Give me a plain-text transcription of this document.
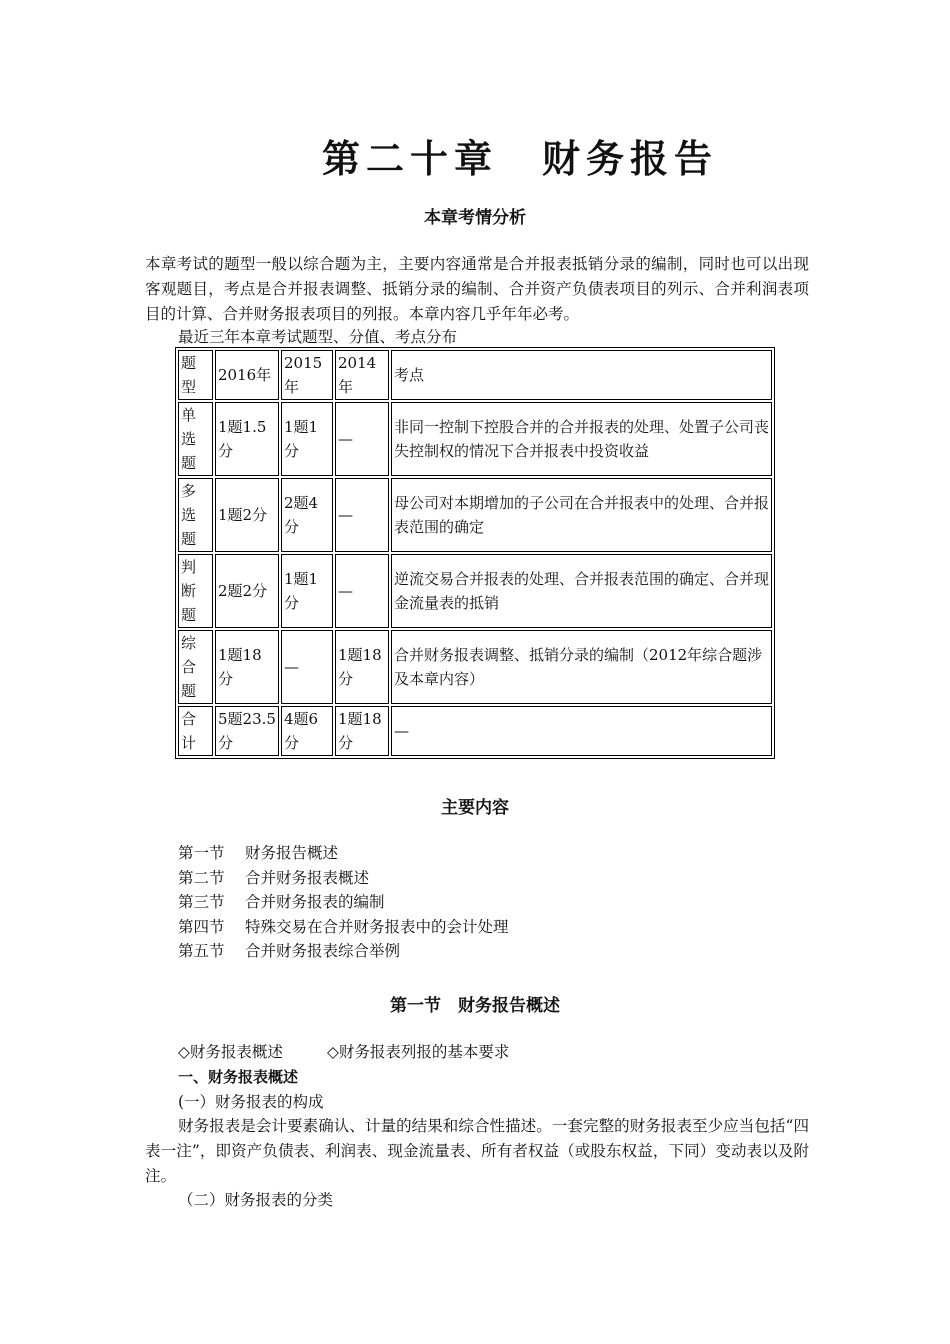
第二十章　财务报告
本章考情分析
本章考试的题型一般以综合题为主，主要内容通常是合并报表抵销分录的编制，同时也可以出现客观题目，考点是合并报表调整、抵销分录的编制、合并资产负债表项目的列示、合并利润表项目的计算、合并财务报表项目的列报。本章内容几乎年年必考。
最近三年本章考试题型、分值、考点分布
题型	2016年	2015年	2014年	考点
单选题	1题1.5分	1题1分	—	非同一控制下控股合并的合并报表的处理、处置子公司丧失控制权的情况下合并报表中投资收益
多选题	1题2分	2题4分	—	母公司对本期增加的子公司在合并报表中的处理、合并报表范围的确定
判断题	2题2分	1题1分	—	逆流交易合并报表的处理、合并报表范围的确定、合并现金流量表的抵销
综合题	1题18分	—	1题18分	合并财务报表调整、抵销分录的编制（2012年综合题涉及本章内容）
合计	5题23.5分	4题6分	1题18分	—
主要内容
第一节 财务报告概述
第二节 合并财务报表概述
第三节 合并财务报表的编制
第四节 特殊交易在合并财务报表中的会计处理
第五节 合并财务报表综合举例
第一节　财务报告概述
◇财务报表概述	◇财务报表列报的基本要求
一、财务报表概述
(一）财务报表的构成
财务报表是会计要素确认、计量的结果和综合性描述。一套完整的财务报表至少应当包括“四表一注”，即资产负债表、利润表、现金流量表、所有者权益（或股东权益，下同）变动表以及附注。
（二）财务报表的分类
